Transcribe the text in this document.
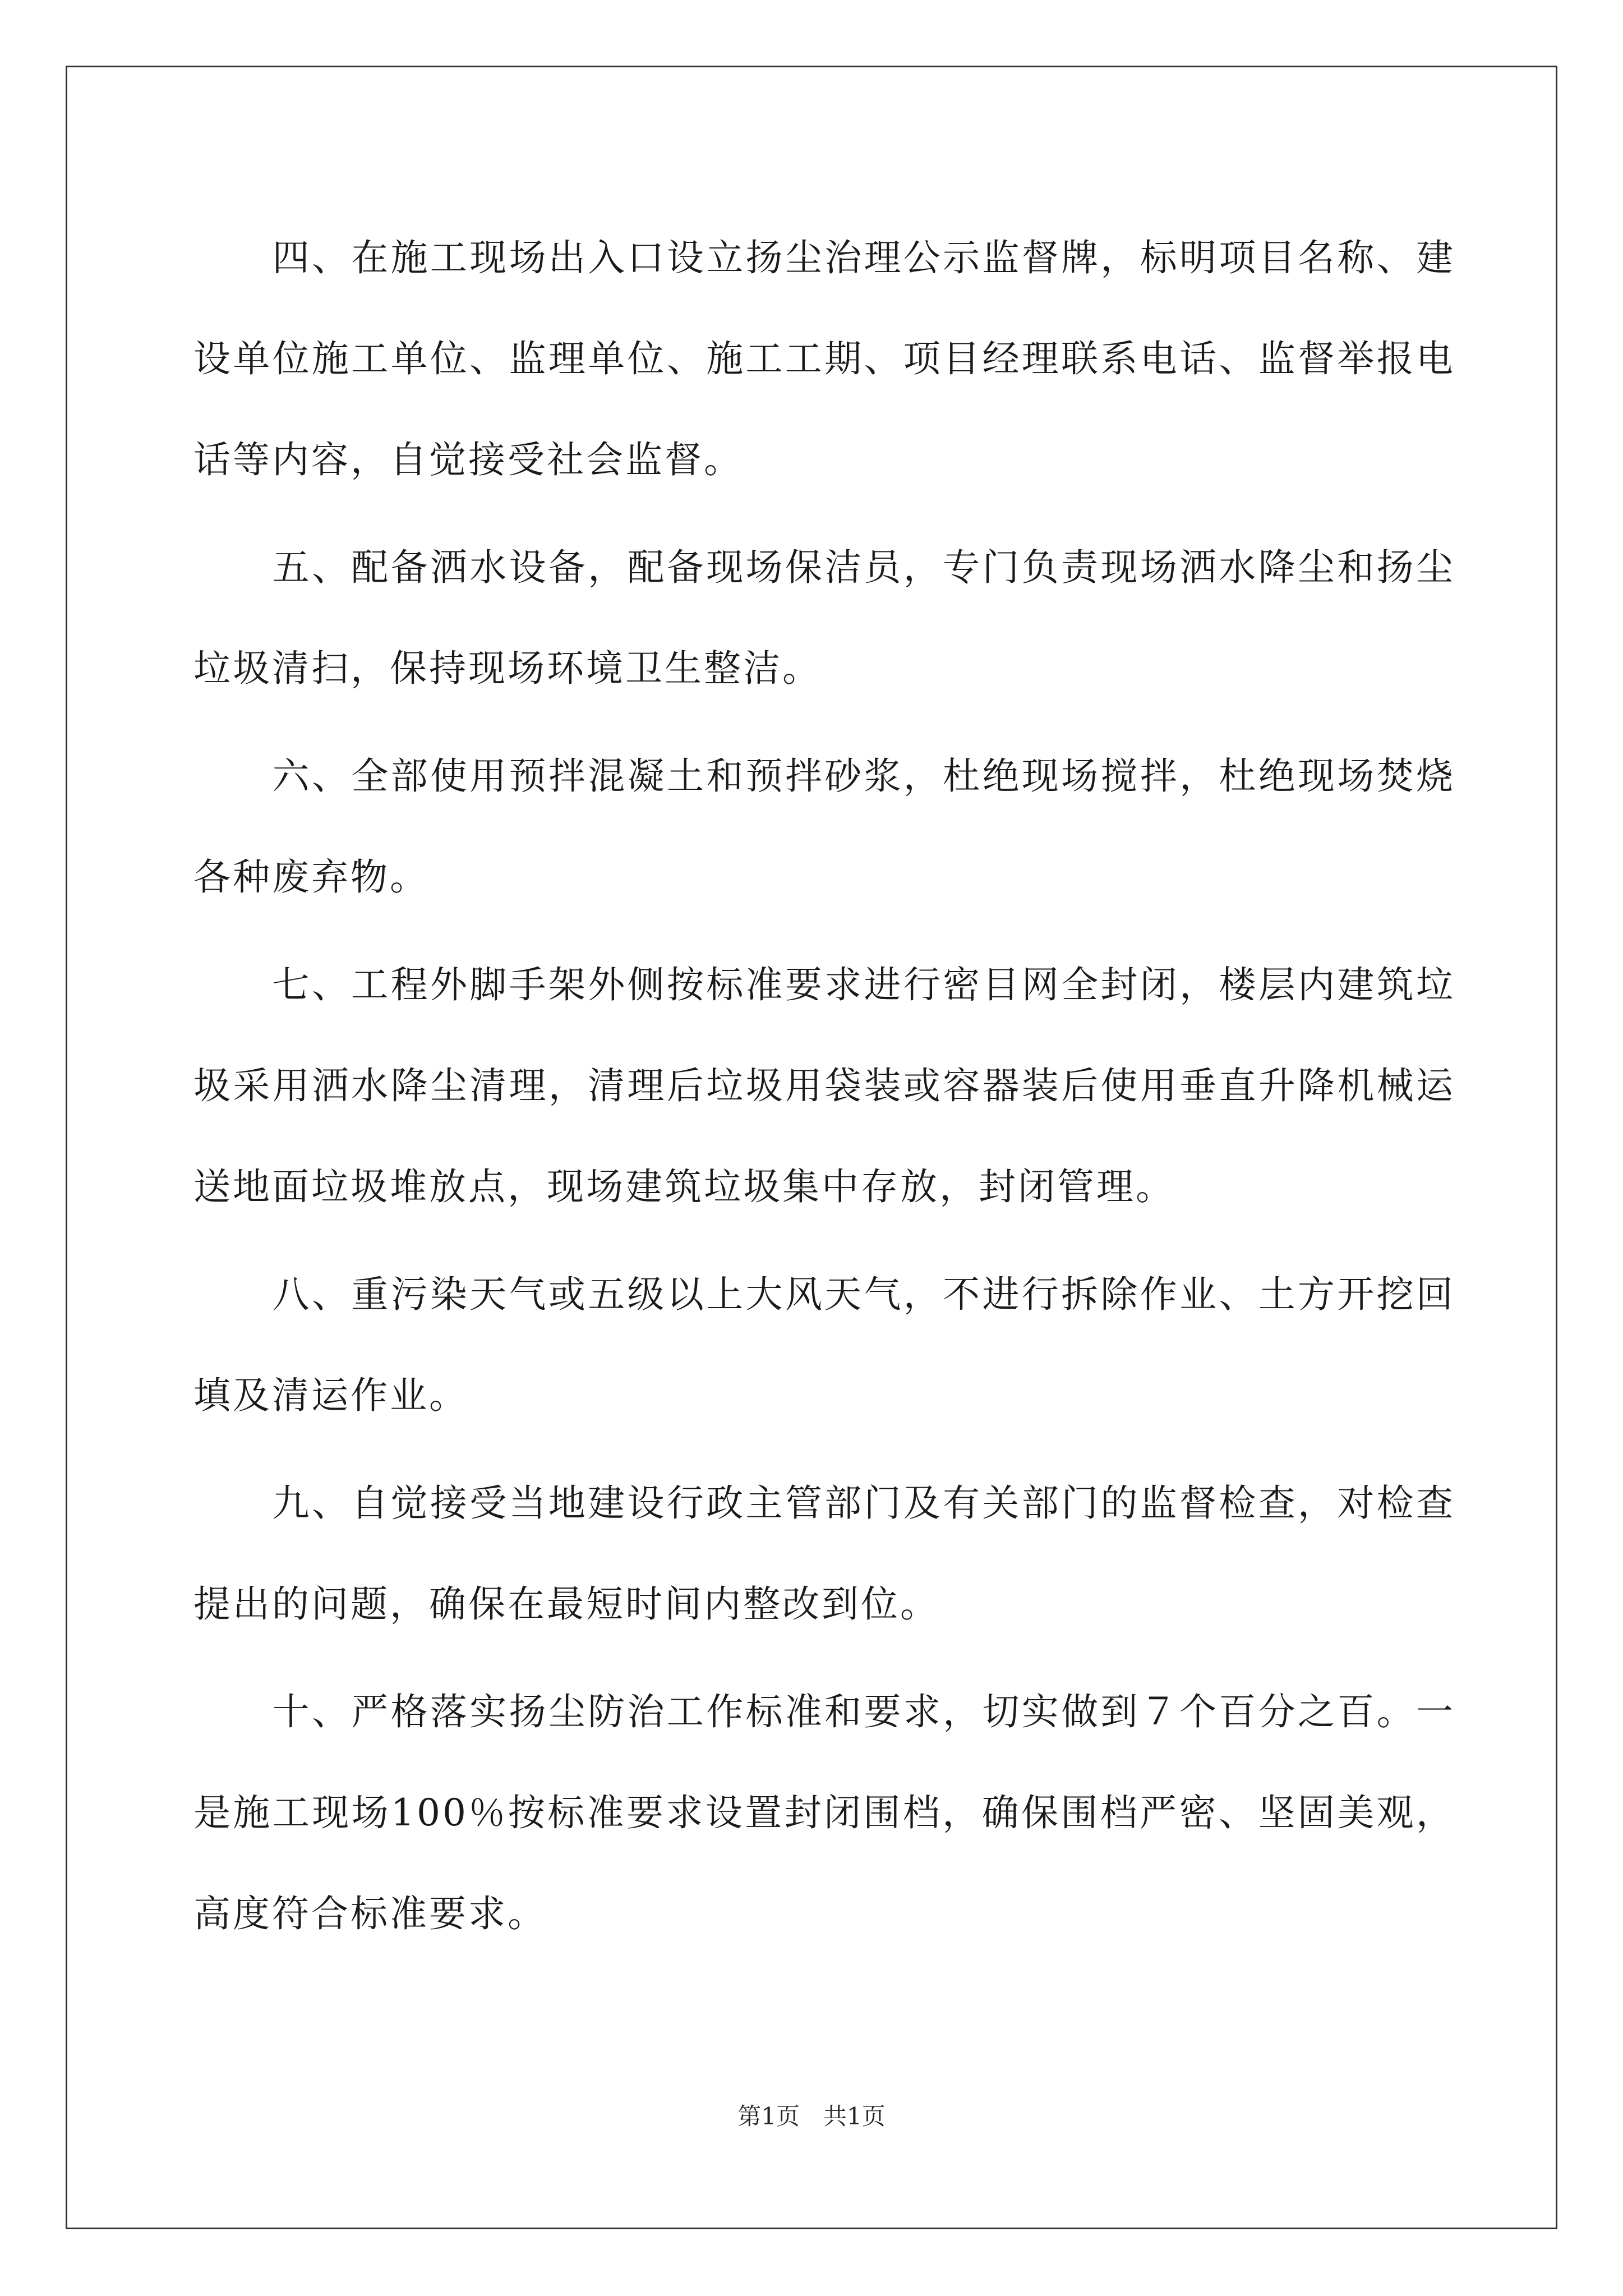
　　四、在施工现场出入口设立扬尘治理公示监督牌，标明项目名称、建设单位施工单位、监理单位、施工工期、项目经理联系电话、监督举报电话等内容，自觉接受社会监督。

　　五、配备洒水设备，配备现场保洁员，专门负责现场洒水降尘和扬尘垃圾清扫，保持现场环境卫生整洁。

　　六、全部使用预拌混凝土和预拌砂浆，杜绝现场搅拌，杜绝现场焚烧各种废弃物。

　　七、工程外脚手架外侧按标准要求进行密目网全封闭，楼层内建筑垃圾采用洒水降尘清理，清理后垃圾用袋装或容器装后使用垂直升降机械运送地面垃圾堆放点，现场建筑垃圾集中存放，封闭管理。

　　八、重污染天气或五级以上大风天气，不进行拆除作业、土方开挖回填及清运作业。

　　九、自觉接受当地建设行政主管部门及有关部门的监督检查，对检查提出的问题，确保在最短时间内整改到位。

　　十、严格落实扬尘防治工作标准和要求，切实做到７个百分之百。一是施工现场100％按标准要求设置封闭围档，确保围档严密、坚固美观，高度符合标准要求。

第1页　共1页
